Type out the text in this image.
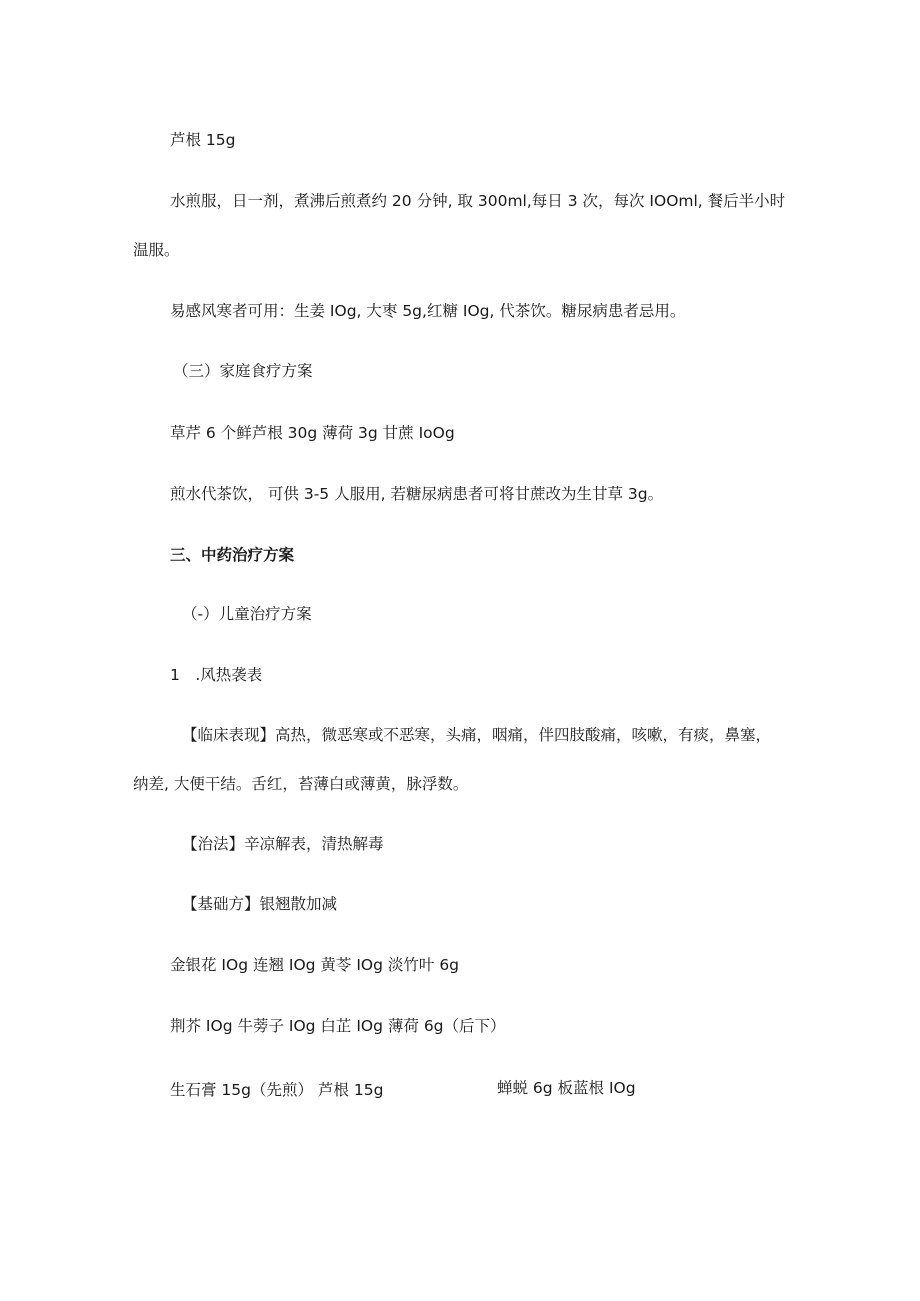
芦根 15g
水煎服，日一剂，煮沸后煎煮约 20 分钟, 取 300ml,每日 3 次，每次 IOOml, 餐后半小时
温服。
易感风寒者可用：生姜 IOg, 大枣 5g,红糖 IOg, 代茶饮。糖尿病患者忌用。
（三）家庭食疗方案
草芹 6 个鲜芦根 30g 薄荷 3g 甘蔗 IoOg
煎水代茶饮， 可供 3-5 人服用, 若糖尿病患者可将甘蔗改为生甘草 3g。
三、中药治疗方案
（-）儿童治疗方案
1　.风热袭表
【临床表现】高热，微恶寒或不恶寒，头痛，咽痛，伴四肢酸痛，咳嗽，有痰，鼻塞，
纳差, 大便干结。舌红，苔薄白或薄黄，脉浮数。
【治法】辛凉解表，清热解毒
【基础方】银翘散加减
金银花 IOg 连翘 IOg 黄苓 IOg 淡竹叶 6g
荆芥 IOg 牛蒡子 IOg 白芷 IOg 薄荷 6g（后下）
生石膏 15g（先煎） 芦根 15g	蝉蜕 6g 板蓝根 IOg
